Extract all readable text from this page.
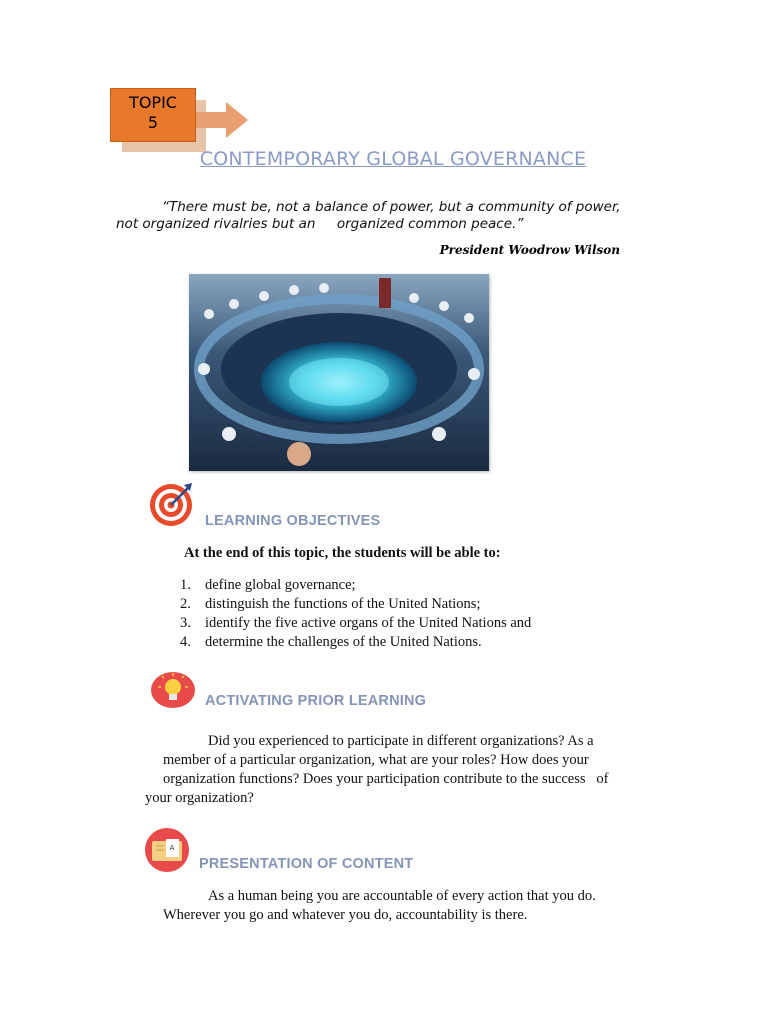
TOPIC
5
CONTEMPORARY GLOBAL GOVERNANCE
“There must be, not a balance of power, but a community of power,
not organized rivalries but an     organized common peace.”
President Woodrow Wilson
LEARNING OBJECTIVES
At the end of this topic, the students will be able to:
1. define global governance;
2. distinguish the functions of the United Nations;
3. identify the five active organs of the United Nations and
4. determine the challenges of the United Nations.
ACTIVATING PRIOR LEARNING
Did you experienced to participate in different organizations? As a
member of a particular organization, what are your roles? How does your
organization functions? Does your participation contribute to the success   of
your organization?
A
PRESENTATION OF CONTENT
As a human being you are accountable of every action that you do.
Wherever you go and whatever you do, accountability is there.
